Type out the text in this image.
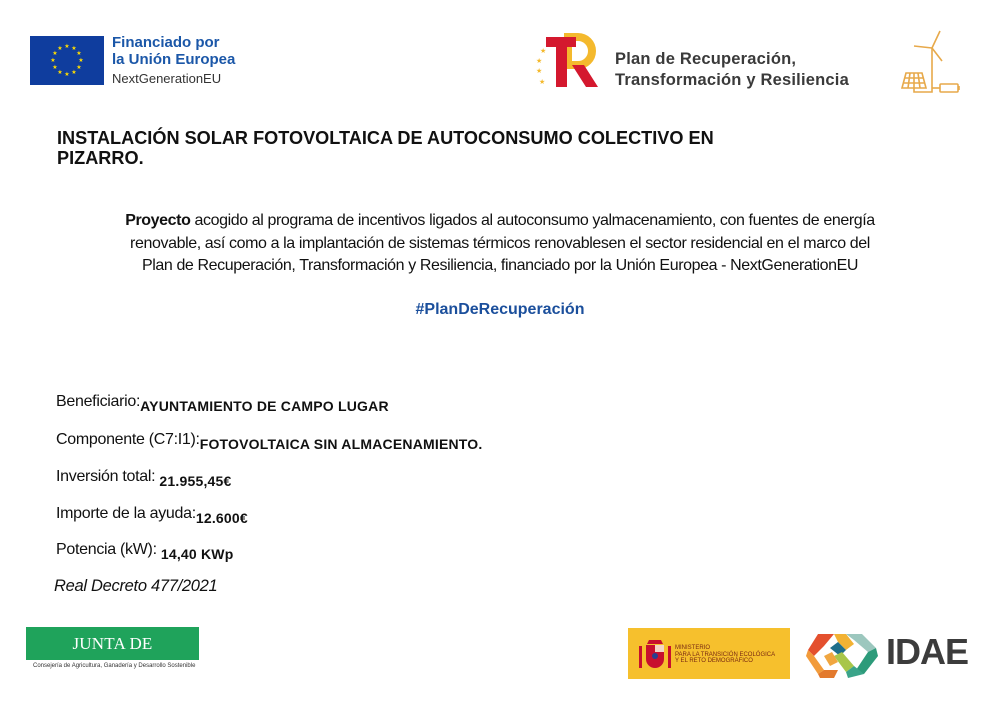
★ ★
★
★
★
★
★
★
★
★
★
★	Financiado por
la Unión Europea
NextGenerationEU
★
★
★
★
Plan de Recuperación,
Transformación y Resiliencia
INSTALACIÓN SOLAR FOTOVOLTAICA DE AUTOCONSUMO COLECTIVO EN
PIZARRO.
Proyecto acogido al programa de incentivos ligados al autoconsumo yalmacenamiento, con fuentes de energía
renovable, así como a la implantación de sistemas térmicos renovablesen el sector residencial en el marco del
Plan de Recuperación, Transformación y Resiliencia, financiado por la Unión Europea - NextGenerationEU
#PlanDeRecuperación
Beneficiario:AYUNTAMIENTO DE CAMPO LUGAR
Componente (C7:I1):FOTOVOLTAICA SIN ALMACENAMIENTO.
Inversión total: 21.955,45€
Importe de la ayuda:12.600€
Potencia (kW): 14,40 KWp
Real Decreto 477/2021
JUNTA DE EXTREMADURA
Consejería de Agricultura, Ganadería y Desarrollo Sostenible
MINISTERIO
PARA LA TRANSICIÓN ECOLÓGICA
Y EL RETO DEMOGRÁFICO	IDAE
